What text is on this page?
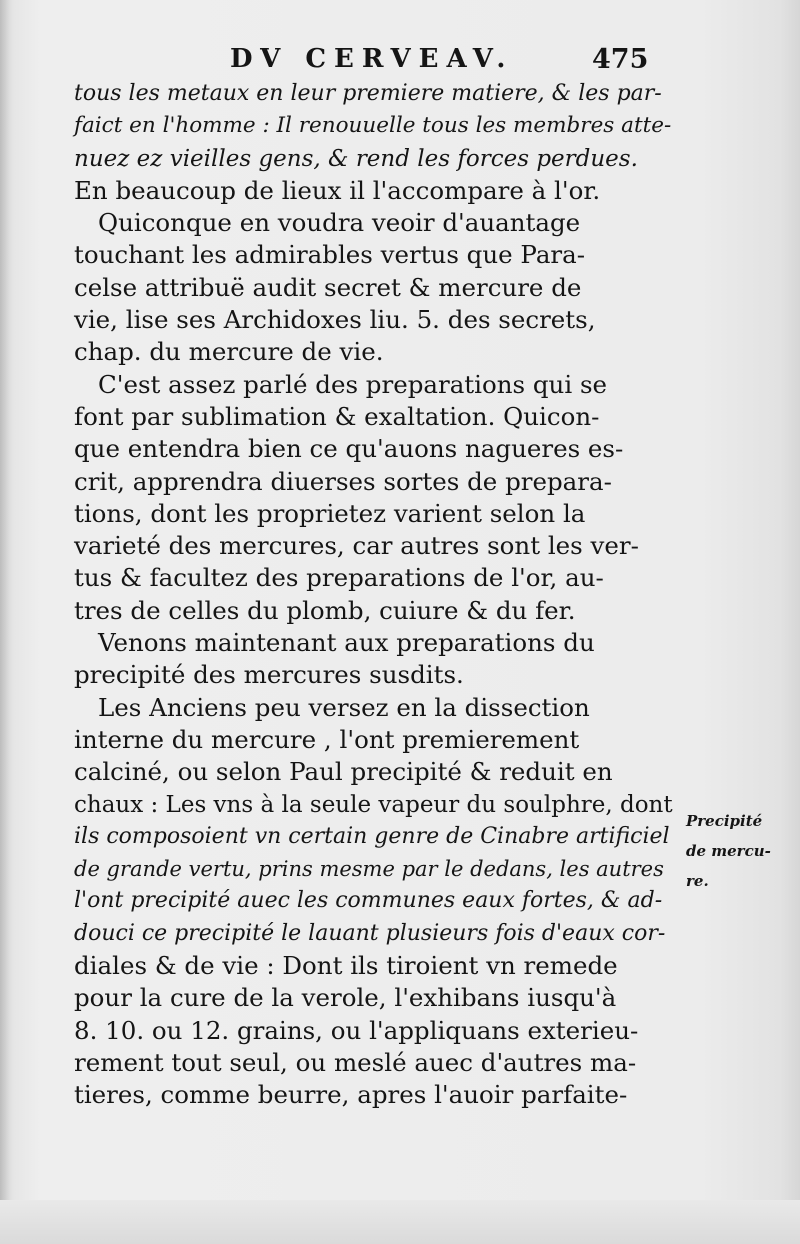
DV CERVEAV.	475
tous les metaux en leur premiere matiere, & les par-
faict en l'homme : Il renouuelle tous les membres atte-
nuez ez vieilles gens, & rend les forces perdues.
En beaucoup de lieux il l'accompare à l'or.
Quiconque en voudra veoir d'auantage
touchant les admirables vertus que Para-
celse attribuë audit secret & mercure de
vie, lise ses Archidoxes liu. 5. des secrets,
chap. du mercure de vie.
C'est assez parlé des preparations qui se
font par sublimation & exaltation. Quicon-
que entendra bien ce qu'auons nagueres es-
crit, apprendra diuerses sortes de prepara-
tions, dont les proprietez varient selon la
varieté des mercures, car autres sont les ver-
tus & facultez des preparations de l'or, au-
tres de celles du plomb, cuiure & du fer.
Venons maintenant aux preparations du
precipité des mercures susdits.
Les Anciens peu versez en la dissection
interne du mercure , l'ont premierement
calciné, ou selon Paul precipité & reduit en
chaux : Les vns à la seule vapeur du soulphre, dont
ils composoient vn certain genre de Cinabre artificiel
de grande vertu, prins mesme par le dedans, les autres
l'ont precipité auec les communes eaux fortes, & ad-
douci ce precipité le lauant plusieurs fois d'eaux cor-
diales & de vie : Dont ils tiroient vn remede
pour la cure de la verole, l'exhibans iusqu'à
8. 10. ou 12. grains, ou l'appliquans exterieu-
rement tout seul, ou meslé auec d'autres ma-
tieres, comme beurre, apres l'auoir parfaite-
Precipité
de mercu-
re.
